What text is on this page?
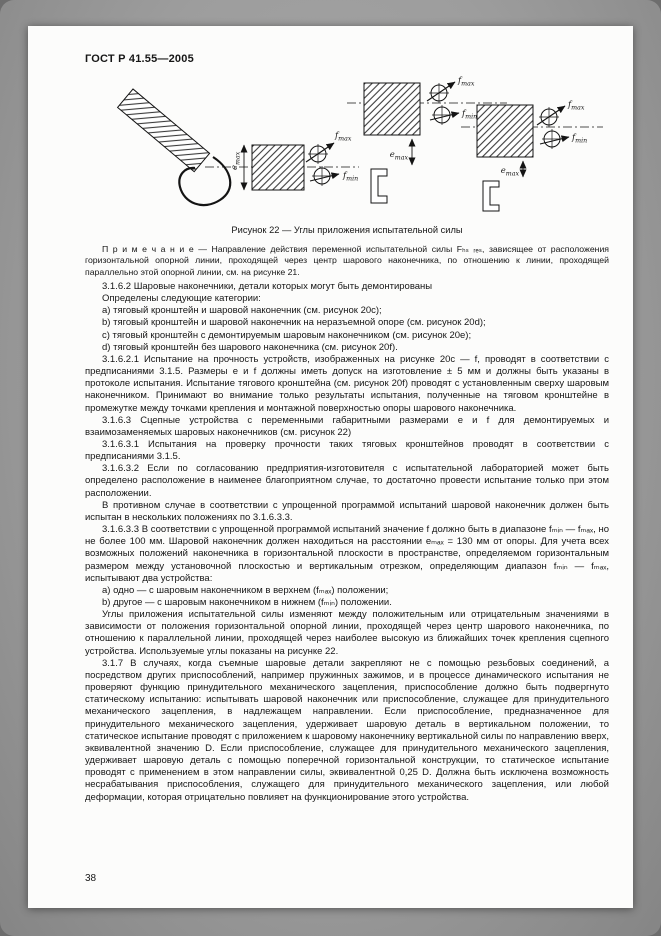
ГОСТ Р 41.55—2005
$f_{max}$
$f_{min}$
$e_{max}$
$f_{max}$
$f_{min}$
$e_{max}$
$f_{max}$
$f_{min}$
$e_{max}$
Рисунок 22 — Углы приложения испытательной силы

П р и м е ч а н и е — Направление действия переменной испытательной силы Fₕₛ ᵣₑₛ, зависящее от расположения горизонтальной опорной линии, проходящей через центр шарового наконечника, по отношению к линии, проходящей параллельно этой опорной линии, см. на рисунке 21.

3.1.6.2 Шаровые наконечники, детали которых могут быть демонтированы

Определены следующие категории:

а) тяговый кронштейн и шаровой наконечник (см. рисунок 20с);

b) тяговый кронштейн и шаровой наконечник на неразъемной опоре (см. рисунок 20d);

с) тяговый кронштейн с демонтируемым шаровым наконечником (см. рисунок 20е);

d) тяговый кронштейн без шарового наконечника (см. рисунок 20f).

3.1.6.2.1 Испытание на прочность устройств, изображенных на рисунке 20с — f, проводят в соответствии с предписаниями 3.1.5. Размеры е и f должны иметь допуск на изготовление ± 5 мм и должны быть указаны в протоколе испытания. Испытание тягового кронштейна (см. рисунок 20f) проводят с установленным сверху шаровым наконечником. Принимают во внимание только результаты испытания, полученные на тяговом кронштейне в промежутке между точками крепления и монтажной поверхностью опоры шарового наконечника.

3.1.6.3 Сцепные устройства с переменными габаритными размерами е и f для демонтируемых и взаимозаменяемых шаровых наконечников (см. рисунок 22)

3.1.6.3.1 Испытания на проверку прочности таких тяговых кронштейнов проводят в соответствии с предписаниями 3.1.5.

3.1.6.3.2 Если по согласованию предприятия-изготовителя с испытательной лабораторией может быть определено расположение в наименее благоприятном случае, то достаточно провести испытание только при этом расположении.

В противном случае в соответствии с упрощенной программой испытаний шаровой наконечник должен быть испытан в нескольких положениях по 3.1.6.3.3.

3.1.6.3.3 В соответствии с упрощенной программой испытаний значение f должно быть в диапазоне fₘᵢₙ — fₘₐₓ, но не более 100 мм. Шаровой наконечник должен находиться на расстоянии eₘₐₓ = 130 мм от опоры. Для учета всех возможных положений наконечника в горизонтальной плоскости в пространстве, определяемом горизонтальным размером между установочной плоскостью и вертикальным отрезком, определяющим диапазон fₘᵢₙ — fₘₐₓ, испытывают два устройства:

а) одно — с шаровым наконечником в верхнем (fₘₐₓ) положении;

b) другое — с шаровым наконечником в нижнем (fₘᵢₙ) положении.

Углы приложения испытательной силы изменяют между положительным или отрицательным значениями в зависимости от положения горизонтальной опорной линии, проходящей через центр шарового наконечника, по отношению к параллельной линии, проходящей через наиболее высокую из ближайших точек крепления сцепного устройства. Используемые углы показаны на рисунке 22.

3.1.7 В случаях, когда съемные шаровые детали закрепляют не с помощью резьбовых соединений, а посредством других приспособлений, например пружинных зажимов, и в процессе динамического испытания не проверяют функцию принудительного механического зацепления, приспособление должно быть подвергнуто статическому испытанию: испытывать шаровой наконечник или приспособление, служащее для принудительного механического зацепления, в надлежащем направлении. Если приспособление, предназначенное для принудительного механического зацепления, удерживает шаровую деталь в вертикальном положении, то статическое испытание проводят с приложением к шаровому наконечнику вертикальной силы по направлению вверх, эквивалентной значению D. Если приспособление, служащее для принудительного механического зацепления, удерживает шаровую деталь с помощью поперечной горизонтальной конструкции, то статическое испытание проводят с применением в этом направлении силы, эквивалентной 0,25 D. Должна быть исключена возможность несрабатывания приспособления, служащего для принудительного механического зацепления, или любой деформации, которая отрицательно повлияет на функционирование этого устройства.

38
